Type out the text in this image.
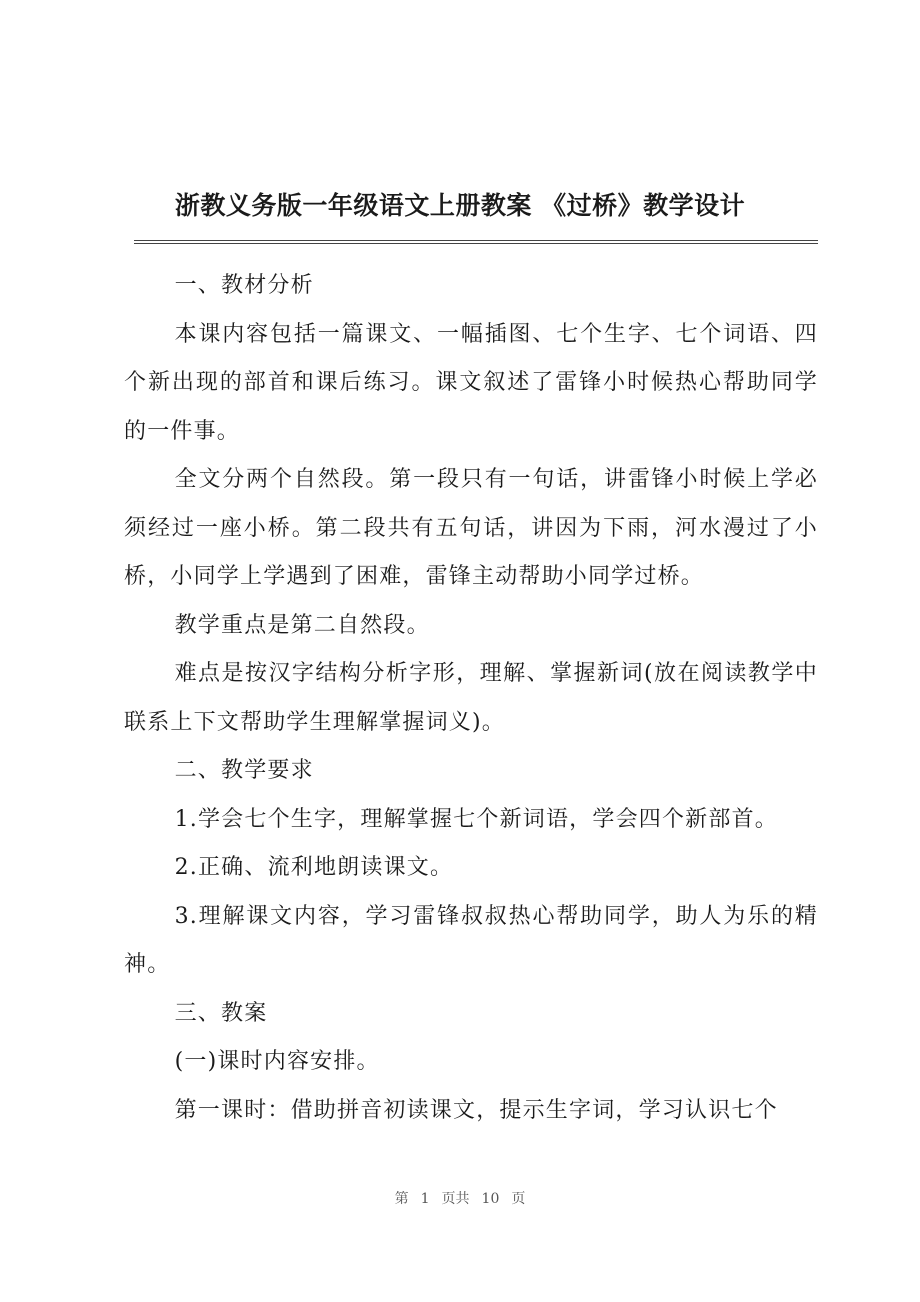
浙教义务版一年级语文上册教案 《过桥》教学设计

一、教材分析

本课内容包括一篇课文、一幅插图、七个生字、七个词语、四个新出现的部首和课后练习。课文叙述了雷锋小时候热心帮助同学的一件事。

全文分两个自然段。第一段只有一句话，讲雷锋小时候上学必须经过一座小桥。第二段共有五句话，讲因为下雨，河水漫过了小桥，小同学上学遇到了困难，雷锋主动帮助小同学过桥。

教学重点是第二自然段。

难点是按汉字结构分析字形，理解、掌握新词(放在阅读教学中联系上下文帮助学生理解掌握词义)。

二、教学要求

1.学会七个生字，理解掌握七个新词语，学会四个新部首。

2.正确、流利地朗读课文。

3.理解课文内容，学习雷锋叔叔热心帮助同学，助人为乐的精神。

三、教案

(一)课时内容安排。

第一课时：借助拼音初读课文，提示生字词，学习认识七个

第 1 页共 10 页
